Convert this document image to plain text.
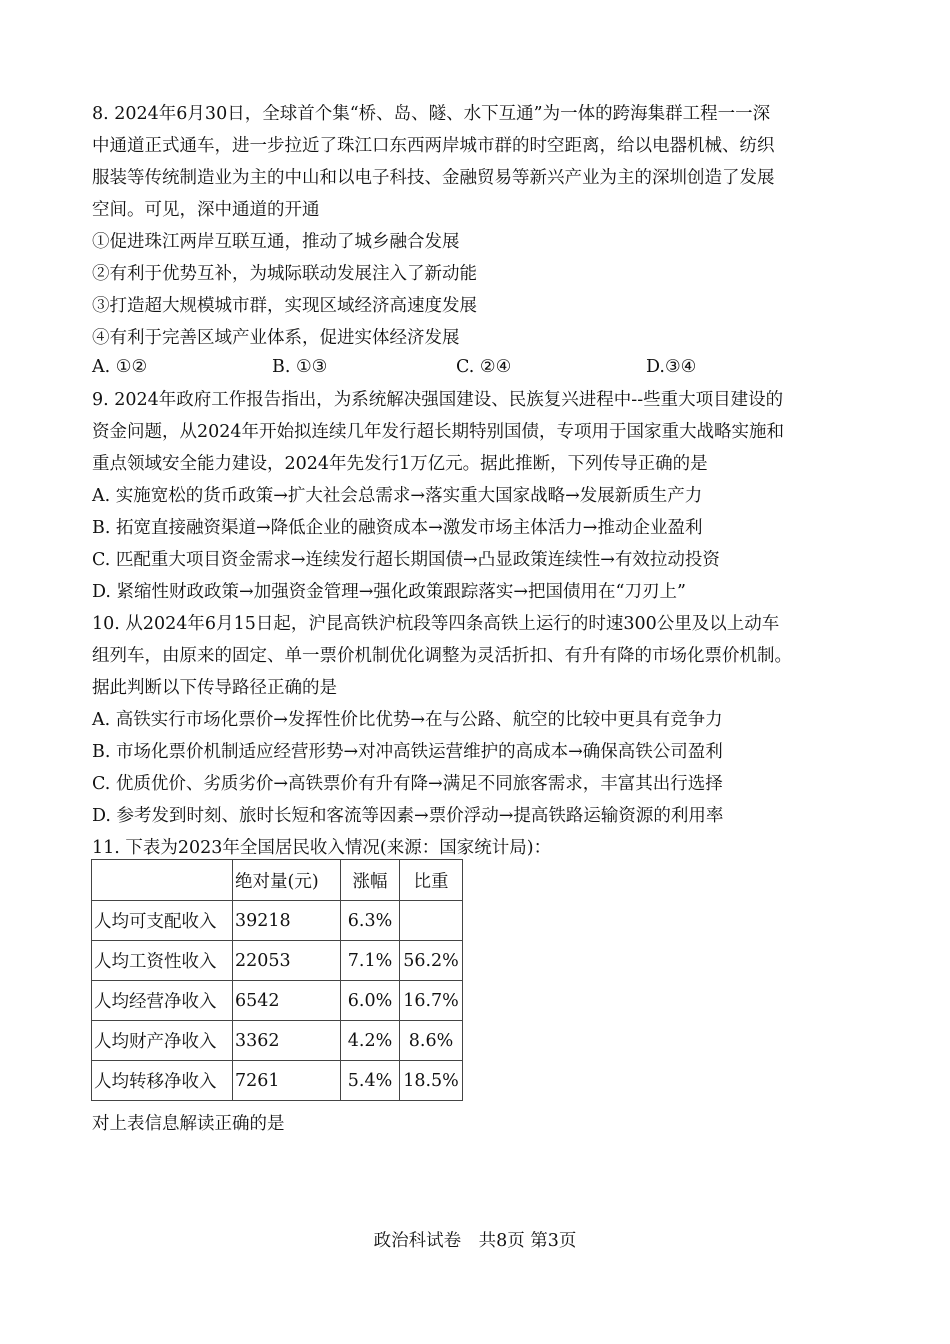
8. 2024年6月30日，全球首个集“桥、岛、隧、水下互通”为一体的跨海集群工程一一深
中通道正式通车，进一步拉近了珠江口东西两岸城市群的时空距离，给以电器机械、纺织
服装等传统制造业为主的中山和以电子科技、金融贸易等新兴产业为主的深圳创造了发展
空间。可见，深中通道的开通
①促进珠江两岸互联互通，推动了城乡融合发展
②有利于优势互补，为城际联动发展注入了新动能
③打造超大规模城市群，实现区域经济高速度发展
④有利于完善区域产业体系，促进实体经济发展
A. ①②	B. ①③	C. ②④	D.③④
9. 2024年政府工作报告指出，为系统解决强国建设、民族复兴进程中--些重大项目建设的
资金问题，从2024年开始拟连续几年发行超长期特别国债，专项用于国家重大战略实施和
重点领域安全能力建设，2024年先发行1万亿元。据此推断，下列传导正确的是
A. 实施宽松的货币政策→扩大社会总需求→落实重大国家战略→发展新质生产力
B. 拓宽直接融资渠道→降低企业的融资成本→激发市场主体活力→推动企业盈利
C. 匹配重大项目资金需求→连续发行超长期国债→凸显政策连续性→有效拉动投资
D. 紧缩性财政政策→加强资金管理→强化政策跟踪落实→把国债用在“刀刃上”
10. 从2024年6月15日起，沪昆高铁沪杭段等四条高铁上运行的时速300公里及以上动车
组列车，由原来的固定、单一票价机制优化调整为灵活折扣、有升有降的市场化票价机制。
据此判断以下传导路径正确的是
A. 高铁实行市场化票价→发挥性价比优势→在与公路、航空的比较中更具有竞争力
B. 市场化票价机制适应经营形势→对冲高铁运营维护的高成本→确保高铁公司盈利
C. 优质优价、劣质劣价→高铁票价有升有降→满足不同旅客需求，丰富其出行选择
D. 参考发到时刻、旅时长短和客流等因素→票价浮动→提高铁路运输资源的利用率
11. 下表为2023年全国居民收入情况(来源：国家统计局)：
	绝对量(元)	涨幅	比重
人均可支配收入	39218	6.3%	
人均工资性收入	22053	7.1%	56.2%
人均经营净收入	6542	6.0%	16.7%
人均财产净收入	3362	4.2%	8.6%
人均转移净收入	7261	5.4%	18.5%
对上表信息解读正确的是
政治科试卷　共8页 第3页
